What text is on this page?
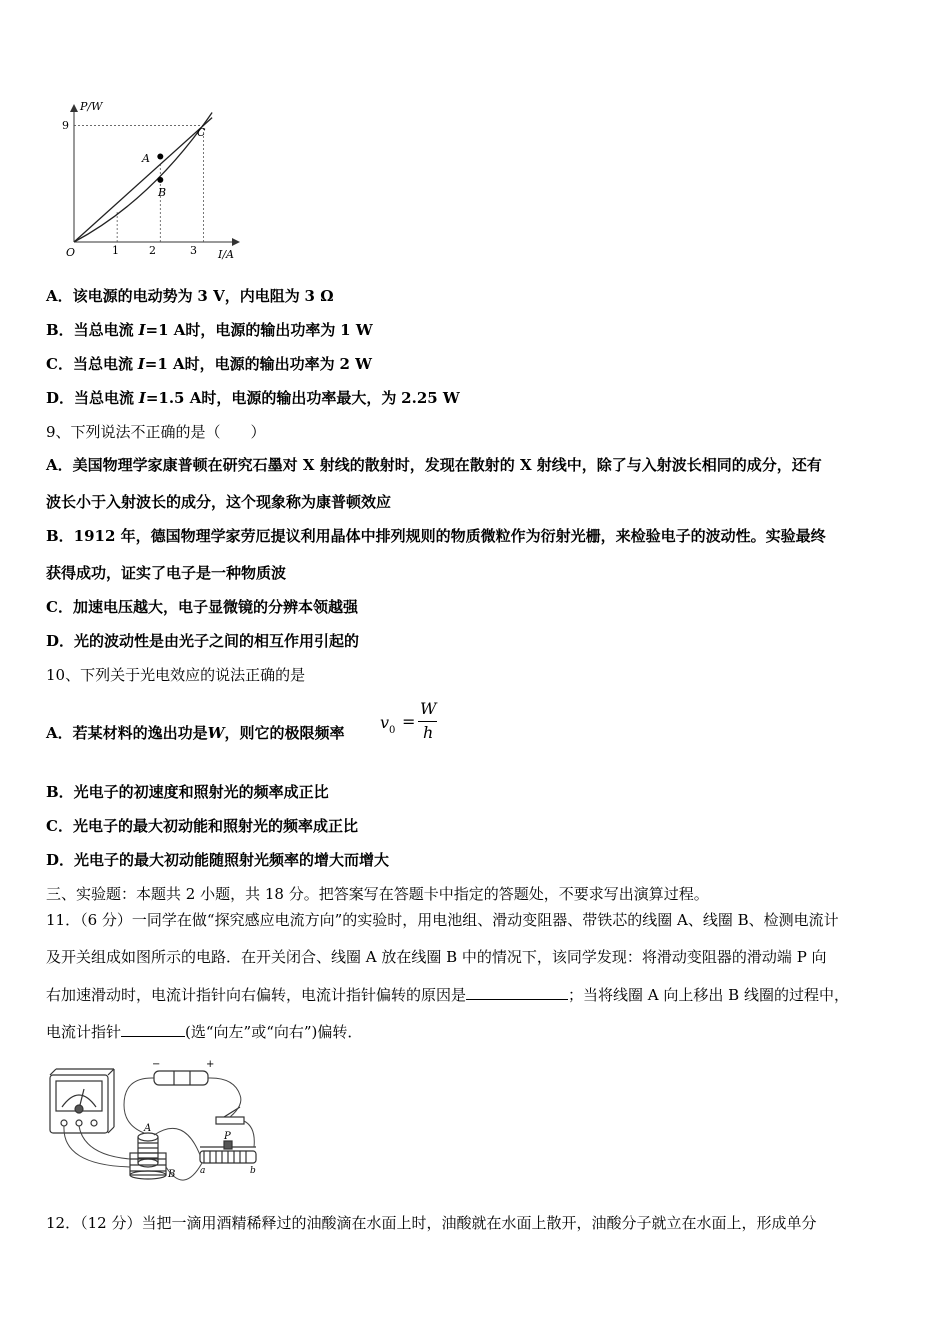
P/W
I/A
O
9
1	2	3
A
B
C
A．该电源的电动势为 3 V，内电阻为 3 Ω
B．当总电流 I=1 A时，电源的输出功率为 1 W
C．当总电流 I=1 A时，电源的输出功率为 2 W
D．当总电流 I=1.5 A时，电源的输出功率最大，为 2.25 W
9、下列说法不正确的是（　　）
A．美国物理学家康普顿在研究石墨对 X 射线的散射时，发现在散射的 X 射线中，除了与入射波长相同的成分，还有
波长小于入射波长的成分，这个现象称为康普顿效应
B．1912 年，德国物理学家劳厄提议利用晶体中排列规则的物质微粒作为衍射光栅，来检验电子的波动性。实验最终
获得成功，证实了电子是一种物质波
C．加速电压越大，电子显微镜的分辨本领越强
D．光的波动性是由光子之间的相互作用引起的
10、下列关于光电效应的说法正确的是
A．若某材料的逸出功是W，则它的极限频率
v 0 =
W
h
B．光电子的初速度和照射光的频率成正比
C．光电子的最大初动能和照射光的频率成正比
D．光电子的最大初动能随照射光频率的增大而增大
三、实验题：本题共 2 小题，共 18 分。把答案写在答题卡中指定的答题处，不要求写出演算过程。
11．（6 分）一同学在做“探究感应电流方向”的实验时，用电池组、滑动变阻器、带铁芯的线圈 A、线圈 B、检测电流计
及开关组成如图所示的电路．在开关闭合、线圈 A 放在线圈 B 中的情况下，该同学发现：将滑动变阻器的滑动端 P 向
右加速滑动时，电流计指针向右偏转，电流计指针偏转的原因是	；当将线圈 A 向上移出 B 线圈的过程中，
电流计指针	(选“向左”或“向右”)偏转．
A
B
P
−	+
a	b
12．（12 分）当把一滴用酒精稀释过的油酸滴在水面上时，油酸就在水面上散开，油酸分子就立在水面上，形成单分
